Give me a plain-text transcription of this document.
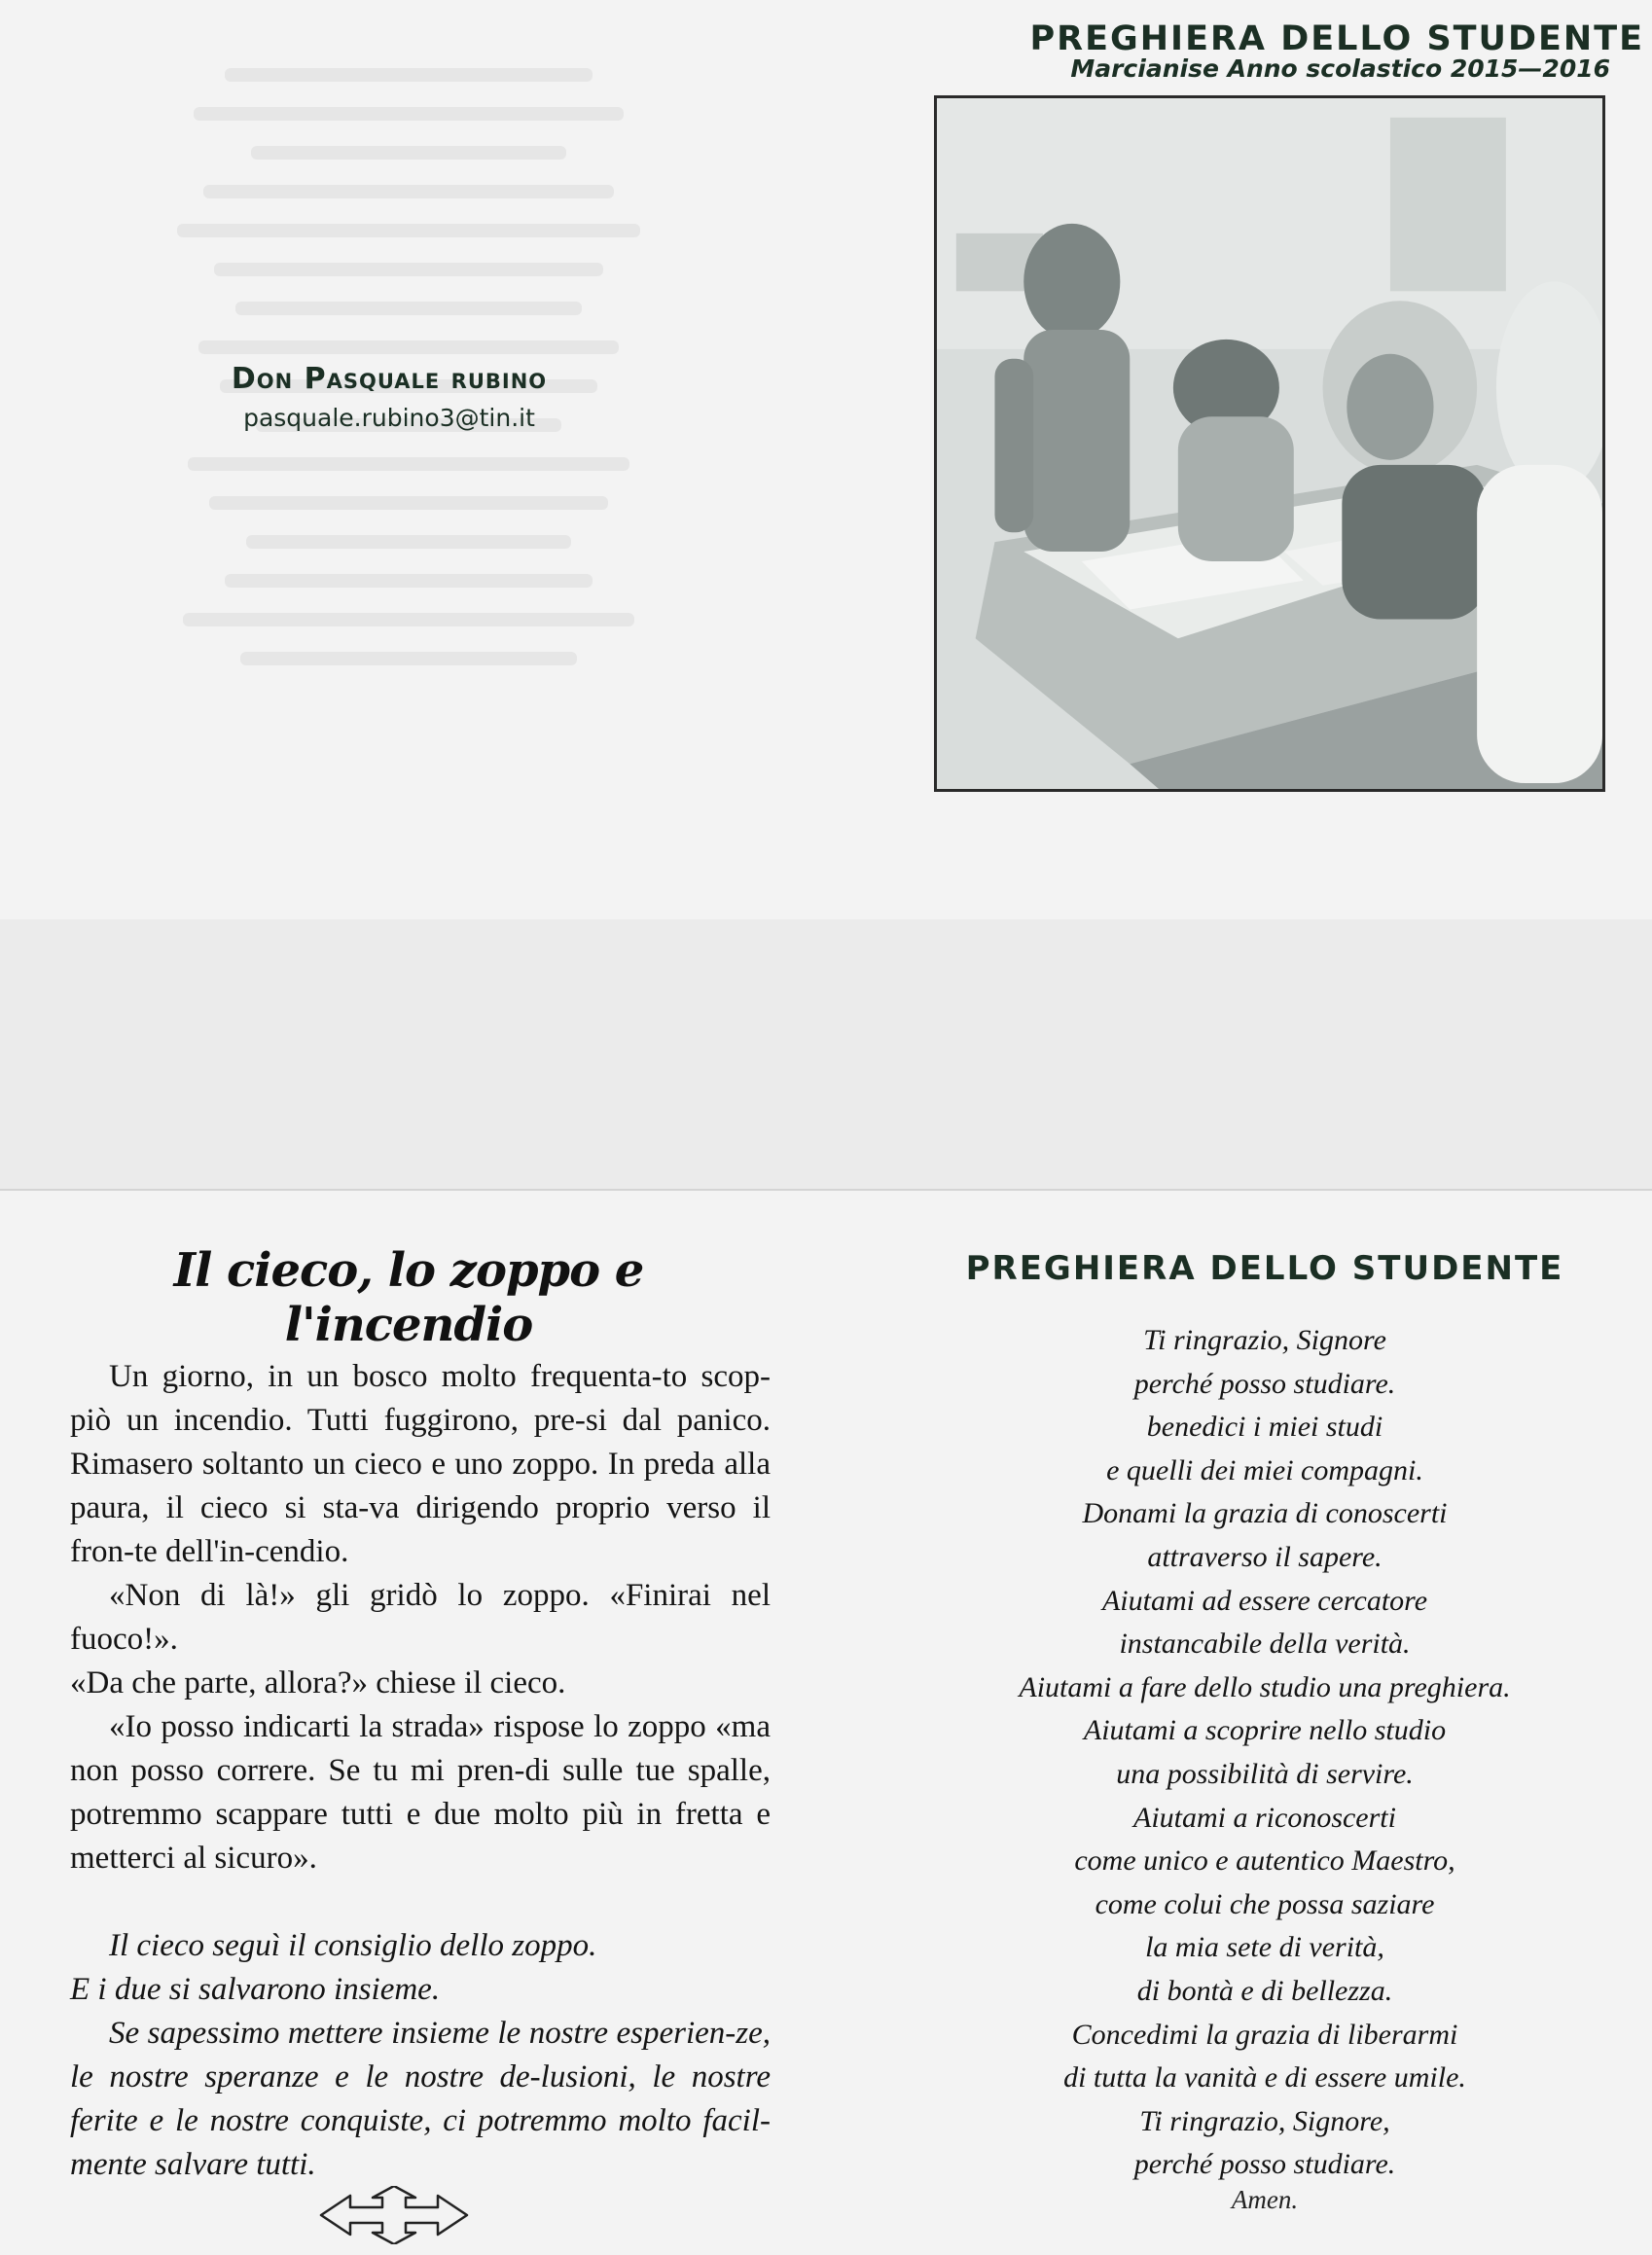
Don Pasquale rubino

pasquale.rubino3@tin.it
PREGHIERA DELLO STUDENTE
Marcianise Anno scolastico 2015—2016
Il cieco, lo zoppo e l'incendio

Un giorno, in un bosco molto frequenta-to scop-piò un incendio. Tutti fuggirono, pre-si dal panico. Rimasero soltanto un cieco e uno zoppo. In preda alla paura, il cieco si sta-va dirigendo proprio verso il fron-te dell'in-cendio.

«Non di là!» gli gridò lo zoppo. «Finirai nel fuoco!».

«Da che parte, allora?» chiese il cieco.

«Io posso indicarti la strada» rispose lo zoppo «ma non posso correre. Se tu mi pren-di sulle tue spalle, potremmo scappare tutti e due molto più in fretta e metterci al sicuro».

Il cieco seguì il consiglio dello zoppo.

E i due si salvarono insieme.

Se sapessimo mettere insieme le nostre esperien-ze, le nostre speranze e le nostre de-lusioni, le nostre ferite e le nostre conquiste, ci potremmo molto facil-mente salvare tutti.

PREGHIERA DELLO STUDENTE
Ti ringrazio, Signore
perché posso studiare.
benedici i miei studi
e quelli dei miei compagni.
Donami la grazia di conoscerti
attraverso il sapere.
Aiutami ad essere cercatore
instancabile della verità.
Aiutami a fare dello studio una preghiera.
Aiutami a scoprire nello studio
una possibilità di servire.
Aiutami a riconoscerti
come unico e autentico Maestro,
come colui che possa saziare
la mia sete di verità,
di bontà e di bellezza.
Concedimi la grazia di liberarmi
di tutta la vanità e di essere umile.
Ti ringrazio, Signore,
perché posso studiare.
Amen.
